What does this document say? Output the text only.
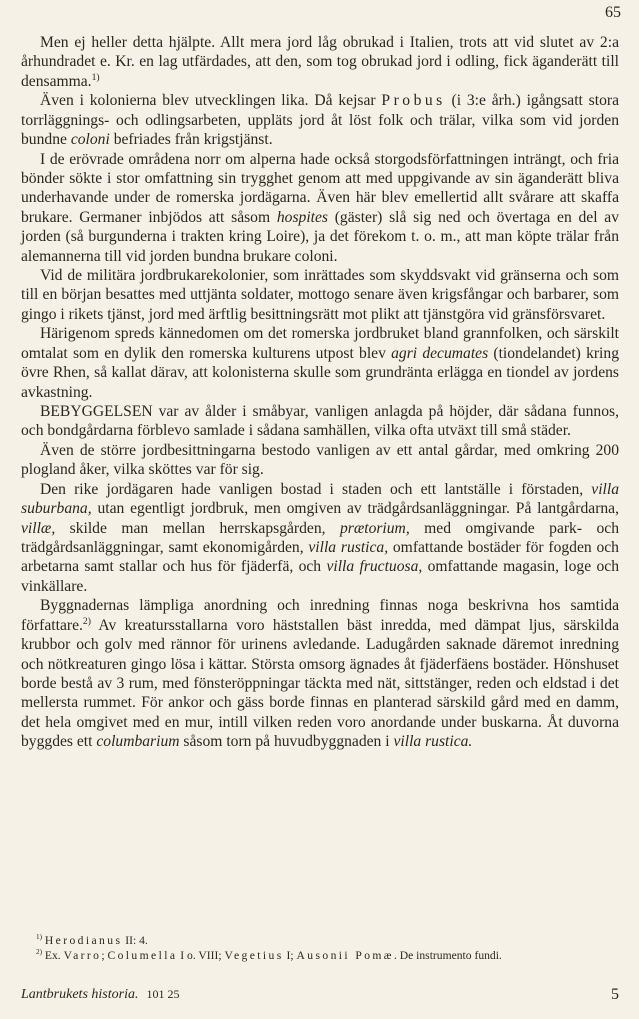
65

Men ej heller detta hjälpte. Allt mera jord låg obrukad i Italien, trots att vid slutet av 2:a århundradet e. Kr. en lag utfärdades, att den, som tog obrukad jord i odling, fick äganderätt till densamma.$^{1)}$

Även i kolonierna blev utvecklingen lika. Då kejsar Probus (i 3:e årh.) igångsatt stora torrläggnings- och odlingsarbeten, uppläts jord åt löst folk och trälar, vilka som vid jorden bundne coloni befriades från krigstjänst.

I de erövrade områdena norr om alperna hade också storgodsförfattningen inträngt, och fria bönder sökte i stor omfattning sin trygghet genom att med uppgivande av sin äganderätt bliva underhavande under de romerska jordägarna. Även här blev emellertid allt svårare att skaffa brukare. Germaner inbjödos att såsom hospites (gäster) slå sig ned och övertaga en del av jorden (så burgunderna i trakten kring Loire), ja det förekom t. o. m., att man köpte trälar från alemannerna till vid jorden bundna brukare coloni.

Vid de militära jordbrukarekolonier, som inrättades som skyddsvakt vid gränserna och som till en början besattes med uttjänta soldater, mottogo senare även krigsfångar och barbarer, som gingo i rikets tjänst, jord med ärftlig besittningsrätt mot plikt att tjänstgöra vid gränsförsvaret.

Härigenom spreds kännedomen om det romerska jordbruket bland grannfolken, och särskilt omtalat som en dylik den romerska kulturens utpost blev agri decumates (tiondelandet) kring övre Rhen, så kallat därav, att kolonisterna skulle som grundränta erlägga en tiondel av jordens avkastning.

BEBYGGELSEN var av ålder i småbyar, vanligen anlagda på höjder, där sådana funnos, och bondgårdarna förblevo samlade i sådana samhällen, vilka ofta utväxt till små städer.

Även de större jordbesittningarna bestodo vanligen av ett antal gårdar, med omkring 200 plogland åker, vilka sköttes var för sig.

Den rike jordägaren hade vanligen bostad i staden och ett lantställe i förstaden, villa suburbana, utan egentligt jordbruk, men omgiven av trädgårdsanläggningar. På lantgårdarna, villæ, skilde man mellan herrskapsgården, prætorium, med omgivande park- och trädgårdsanläggningar, samt ekonomigården, villa rustica, omfattande bostäder för fogden och arbetarna samt stallar och hus för fjäderfä, och villa fructuosa, omfattande magasin, loge och vinkällare.

Byggnadernas lämpliga anordning och inredning finnas noga beskrivna hos samtida författare.$^{2)}$ Av kreatursstallarna voro häststallen bäst inredda, med dämpat ljus, särskilda krubbor och golv med rännor för urinens avledande. Ladugården saknade däremot inredning och nötkreaturen gingo lösa i kättar. Största omsorg ägnades åt fjäderfäens bostäder. Hönshuset borde bestå av 3 rum, med fönsteröppningar täckta med nät, sittstänger, reden och eldstad i det mellersta rummet. För ankor och gäss borde finnas en planterad särskild gård med en damm, det hela omgivet med en mur, intill vilken reden voro anordande under buskarna. Åt duvorna byggdes ett columbarium såsom torn på huvudbyggnaden i villa rustica.

$^{1)}$ Herodianus II: 4.

$^{2)}$ Ex. Varro; Columella I o. VIII; Vegetius I; Ausonii Pomæ. De instrumento fundi.

Lantbrukets historia. 101 25	5
